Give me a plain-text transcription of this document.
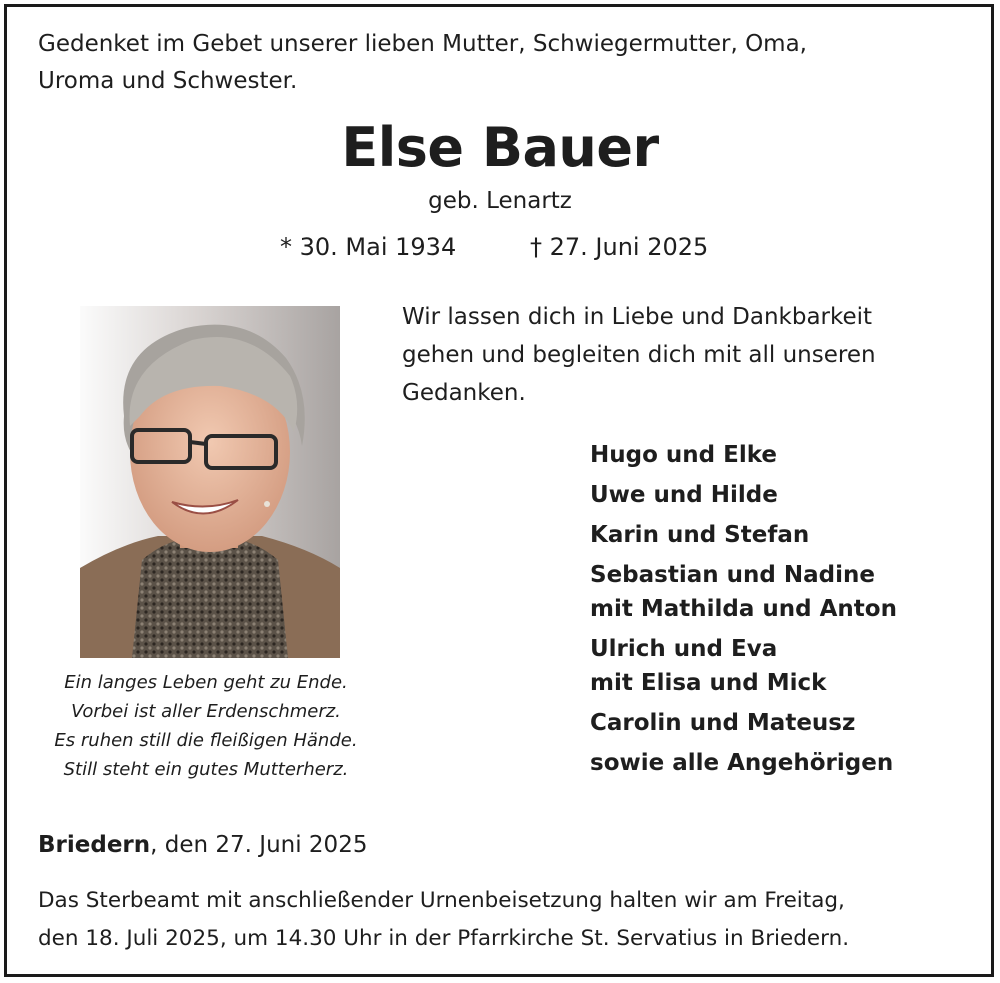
Gedenket im Gebet unserer lieben Mutter, Schwiegermutter, Oma,
Uroma und Schwester.
Else Bauer
geb. Lenartz
* 30. Mai 1934	† 27. Juni 2025
Ein langes Leben geht zu Ende.
Vorbei ist aller Erdenschmerz.
Es ruhen still die fleißigen Hände.
Still steht ein gutes Mutterherz.
Wir lassen dich in Liebe und Dankbarkeit
gehen und begleiten dich mit all unseren
Gedanken.
Hugo und Elke
Uwe und Hilde
Karin und Stefan
Sebastian und Nadine
mit Mathilda und Anton
Ulrich und Eva
mit Elisa und Mick
Carolin und Mateusz
sowie alle Angehörigen
Briedern, den 27. Juni 2025
Das Sterbeamt mit anschließender Urnenbeisetzung halten wir am Freitag,
den 18. Juli 2025, um 14.30 Uhr in der Pfarrkirche St. Servatius in Briedern.
